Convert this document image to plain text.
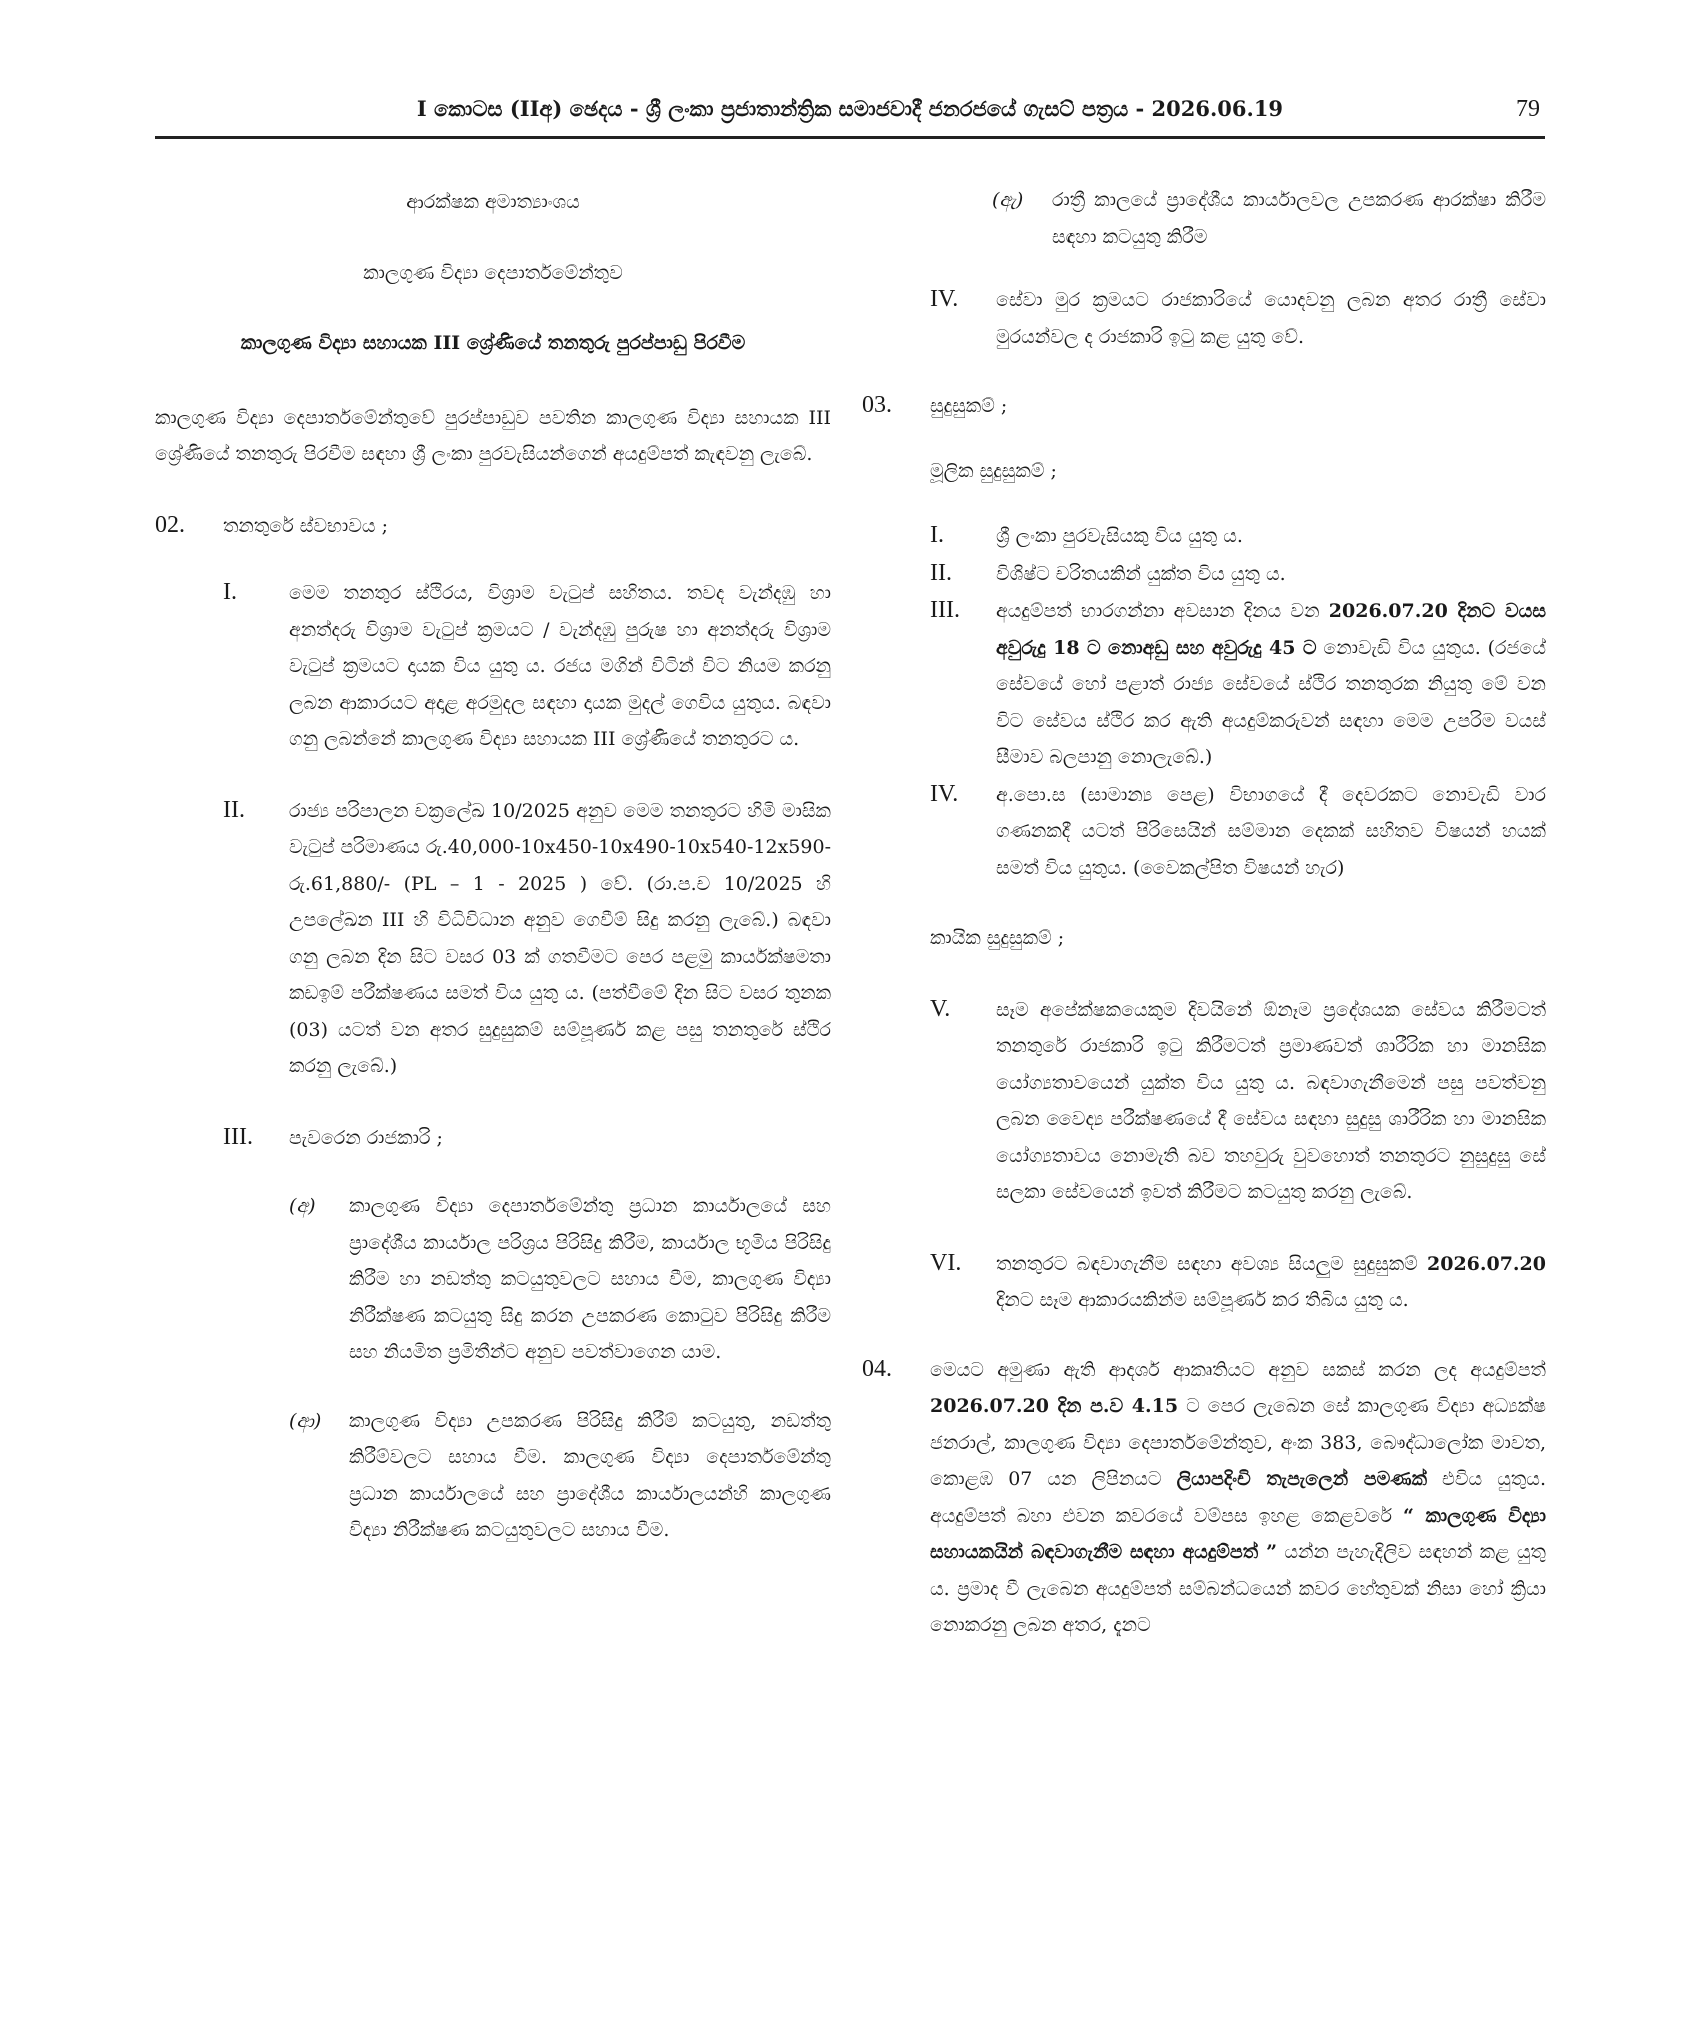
I කොටස (IIඅ) ඡෙදය - ශ්‍රී ලංකා ප්‍රජාතාන්ත්‍රික සමාජවාදී ජනරජයේ ගැසට් පත්‍රය - 2026.06.19	79

ආරක්ෂක අමාත්‍යාංශය

කාලගුණ විද්‍යා දෙපාර්තමේන්තුව

කාලගුණ විද්‍යා සහායක III ශ්‍රේණියේ තනතුරු පුරප්පාඩු පිරවීම

කාලගුණ විද්‍යා දෙපාර්තමේන්තුවේ පුරප්පාඩුව පවතින කාලගුණ විද්‍යා සහායක III ශ්‍රේණියේ තනතුරු පිරවීම සඳහා ශ්‍රී ලංකා පුරවැසියන්ගෙන් අයදුම්පත් කැඳවනු ලැබේ.

02.	තනතුරේ ස්වභාවය ;
I.	මෙම තනතුර ස්ථිරය, විශ්‍රාම වැටුප් සහිතය. තවද වැන්දඹු හා අනත්දරු විශ්‍රාම වැටුප් ක්‍රමයට / වැන්දඹු පුරුෂ හා අනත්දරු විශ්‍රාම වැටුප් ක්‍රමයට දායක විය යුතු ය. රජය මගින් විටින් විට නියම කරනු ලබන ආකාරයට අදාළ අරමුදල සඳහා දායක මුදල් ගෙවිය යුතුය. බඳවා ගනු ලබන්නේ කාලගුණ විද්‍යා සහායක III ශ්‍රේණියේ තනතුරට ය.
II.	රාජ්‍ය පරිපාලන චක්‍රලේඛ 10/2025 අනුව මෙම තනතුරට හිමි මාසික වැටුප් පරිමාණය රු.40,000-10x450-10x490-10x540-12x590-රු.61,880/- (PL – 1 - 2025 ) වේ. (රා.ප.ච 10/2025 හි උපලේඛන III හි විධිවිධාන අනුව ගෙවීම් සිදු කරනු ලැබේ.) බඳවා ගනු ලබන දින සිට වසර 03 ක් ගතවීමට පෙර පළමු කාර්යක්ෂමතා කඩඉම් පරීක්ෂණය සමත් විය යුතු ය. (පත්වීමේ දින සිට වසර තුනක (03) යටත් වන අතර සුදුසුකම් සම්පූර්ණ කළ පසු තනතුරේ ස්ථිර කරනු ලැබේ.)
III.	පැවරෙන රාජකාරි ;
(අ)	කාලගුණ විද්‍යා දෙපාර්තමේන්තු ප්‍රධාන කාර්යාලයේ සහ ප්‍රාදේශීය කාර්යාල පරිශ්‍රය පිරිසිදු කිරීම, කාර්යාල භූමිය පිරිසිදු කිරීම හා නඩත්තු කටයුතුවලට සහාය වීම, කාලගුණ විද්‍යා නිරීක්ෂණ කටයුතු සිදු කරන උපකරණ කොටුව පිරිසිදු කිරීම සහ නියමිත ප්‍රමිතීන්ට අනුව පවත්වාගෙන යාම.
(ආ)	කාලගුණ විද්‍යා උපකරණ පිරිසිදු කිරීම් කටයුතු, නඩත්තු කිරීම්වලට සහාය වීම. කාලගුණ විද්‍යා දෙපාර්තමේන්තු ප්‍රධාන කාර්යාලයේ සහ ප්‍රාදේශීය කාර්යාලයන්හි කාලගුණ විද්‍යා නිරීක්ෂණ කටයුතුවලට සහාය වීම.
(ඇ)	රාත්‍රී කාලයේ ප්‍රාදේශීය කාර්යාලවල උපකරණ ආරක්ෂා කිරීම සඳහා කටයුතු කිරීම
IV.	සේවා මුර ක්‍රමයට රාජකාරියේ යොදවනු ලබන අතර රාත්‍රී සේවා මුරයන්වල ද රාජකාරි ඉටු කළ යුතු වේ.
03.	සුදුසුකම් ;

මූලික සුදුසුකම් ;

I.	ශ්‍රී ලංකා පුරවැසියකු විය යුතු ය.
II.	විශිෂ්ට චරිතයකින් යුක්ත විය යුතු ය.
III.	අයදුම්පත් භාරගන්නා අවසාන දිනය වන 2026.07.20 දිනට වයස අවුරුදු 18 ට නොඅඩු සහ අවුරුදු 45 ට නොවැඩි විය යුතුය. (රජයේ සේවයේ හෝ පළාත් රාජ්‍ය සේවයේ ස්ථිර තනතුරක නියුතු මේ වන විට සේවය ස්ථිර කර ඇති අයදුම්කරුවන් සඳහා මෙම උපරිම වයස් සීමාව බලපානු නොලැබේ.)
IV.	අ.පො.ස (සාමාන්‍ය පෙළ) විභාගයේ දී දෙවරකට නොවැඩි වාර ගණනකදී යටත් පිරිසෙයින් සම්මාන දෙකක් සහිතව විෂයන් හයක් සමත් විය යුතුය. (වෛකල්පිත විෂයන් හැර)

කායික සුදුසුකම් ;

V.	සෑම අපේක්ෂකයෙකුම දිවයිනේ ඕනෑම ප්‍රදේශයක සේවය කිරීමටත් තනතුරේ රාජකාරි ඉටු කිරීමටත් ප්‍රමාණවත් ශාරීරික හා මානසික යෝග්‍යතාවයෙන් යුක්ත විය යුතු ය. බඳවාගැනීමෙන් පසු පවත්වනු ලබන වෛද්‍ය පරීක්ෂණයේ දී සේවය සඳහා සුදුසු ශාරීරික හා මානසික යෝග්‍යතාවය නොමැති බව තහවුරු වුවහොත් තනතුරට නුසුදුසු සේ සලකා සේවයෙන් ඉවත් කිරීමට කටයුතු කරනු ලැබේ.
VI.	තනතුරට බඳවාගැනීම සඳහා අවශ්‍ය සියලුම සුදුසුකම් 2026.07.20 දිනට සෑම ආකාරයකින්ම සම්පූර්ණ කර තිබිය යුතු ය.
04.	මෙයට අමුණා ඇති ආදර්ශ ආකෘතියට අනුව සකස් කරන ලද අයදුම්පත් 2026.07.20 දින ප.ව 4.15 ට පෙර ලැබෙන සේ කාලගුණ විද්‍යා අධ්‍යක්ෂ ජනරාල්, කාලගුණ විද්‍යා දෙපාර්තමේන්තුව, අංක 383, බෞද්ධාලෝක මාවත, කොළඹ 07 යන ලිපිනයට ලියාපදිංචි තැපැලෙන් පමණක් එවිය යුතුය. අයදුම්පත් බහා එවන කවරයේ වම්පස ඉහළ කෙළවරේ “ කාලගුණ විද්‍යා සහායකයින් බඳවාගැනීම සඳහා අයදුම්පත් ” යන්න පැහැදිලිව සඳහන් කළ යුතු ය. ප්‍රමාද වී ලැබෙන අයදුම්පත් සම්බන්ධයෙන් කවර හේතුවක් නිසා හෝ ක්‍රියා නොකරනු ලබන අතර, දැනට
